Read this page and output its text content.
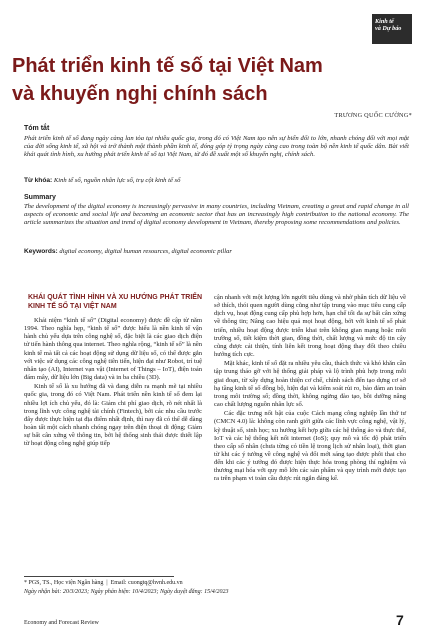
Kinh tế
và Dự báo
Phát triển kinh tế số tại Việt Nam
và khuyến nghị chính sách
TRƯƠNG QUỐC CƯỜNG*
Tóm tắt

Phát triển kinh tế số đang ngày càng lan tỏa tại nhiều quốc gia, trong đó có Việt Nam tạo nên sự biến đổi to lớn, nhanh chóng đối với mọi mặt của đời sống kinh tế, xã hội và trở thành một thành phần kinh tế, đóng góp tỷ trọng ngày càng cao trong toàn bộ nền kinh tế quốc dân. Bài viết khái quát tình hình, xu hướng phát triển kinh tế số tại Việt Nam, từ đó đề xuất một số khuyến nghị, chính sách.

Từ khóa: Kinh tế số, nguồn nhân lực số, trụ cột kinh tế số

Summary

The development of the digital economy is increasingly pervasive in many countries, including Vietnam, creating a great and rapid change in all aspects of economic and social life and becoming an economic sector that has an increasingly high contribution to the national economy. The article summarizes the situation and trend of digital economy development in Vietnam, thereby proposing some recommendations and policies.

Keywords: digital economy, digital human resources, digital economic pillar

KHÁI QUÁT TÌNH HÌNH VÀ XU HƯỚNG PHÁT TRIỂN KINH TẾ SỐ TẠI VIỆT NAM

Khái niệm “kinh tế số” (Digital economy) được đề cập từ năm 1994. Theo nghĩa hẹp, “kinh tế số” được hiểu là nền kinh tế vận hành chủ yếu dựa trên công nghệ số, đặc biệt là các giao dịch điện tử tiến hành thông qua internet. Theo nghĩa rộng, “kinh tế số” là nền kinh tế mà tất cả các hoạt động sử dụng dữ liệu số, có thể được gắn với việc sử dụng các công nghệ tiên tiến, hiện đại như Robot, trí tuệ nhân tạo (AI), Internet vạn vật (Internet of Things – IoT), điện toán đám mây, dữ liệu lớn (Big data) và in ba chiều (3D).

Kinh tế số là xu hướng đã và đang diễn ra mạnh mẽ tại nhiều quốc gia, trong đó có Việt Nam. Phát triển nền kinh tế số đem lại nhiều lợi ích chủ yếu, đó là: Giảm chi phí giao dịch, rõ nét nhất là trong lĩnh vực công nghệ tài chính (Fintech), bởi các nhu cầu trước đây được thực hiện tại địa điểm nhất định, thì nay đã có thể dễ dàng hoàn tất một cách nhanh chóng ngay trên điện thoại di động; Giảm sự bất cân xứng về thông tin, bởi hệ thống sinh thái được thiết lập từ hoạt động công nghệ giúp tiếp

cận nhanh với một lượng lớn người tiêu dùng và nhờ phân tích dữ liệu về sở thích, thói quen người dùng cũng như tập trung vào mục tiêu cung cấp dịch vụ, hoạt động cung cấp phù hợp hơn, hạn chế tối đa sự bất cân xứng về thông tin; Nâng cao hiệu quả mọi hoạt động, bởi với kinh tế số phát triển, nhiều hoạt động được triển khai trên không gian mạng hoặc môi trường số, tiết kiệm thời gian, đồng thời, chất lượng và mức độ tin cậy cũng được cải thiện, tính liên kết trong hoạt động thay đổi theo chiều hướng tích cực.

Mặt khác, kinh tế số đặt ra nhiều yêu cầu, thách thức và khó khăn cần tập trung tháo gỡ với hệ thống giải pháp và lộ trình phù hợp trong mỗi giai đoạn, từ xây dựng hoàn thiện cơ chế, chính sách đến tạo dựng cơ sở hạ tầng kinh tế số đồng bộ, hiện đại và kiểm soát rủi ro, bảo đảm an toàn trong môi trường số; đồng thời, không ngừng đào tạo, bồi dưỡng nâng cao chất lượng nguồn nhân lực số.

Các đặc trưng nổi bật của cuộc Cách mạng công nghiệp lần thứ tư (CMCN 4.0) là: không còn ranh giới giữa các lĩnh vực công nghệ, vật lý, kỹ thuật số, sinh học; xu hướng kết hợp giữa các hệ thống ảo và thực thể, IoT và các hệ thống kết nối internet (IoS); quy mô và tốc độ phát triển theo cấp số nhân (chưa từng có tiền lệ trong lịch sử nhân loại), thời gian từ khi các ý tưởng về công nghệ và đổi mới sáng tạo được phôi thai cho đến khi các ý tưởng đó được hiện thực hóa trong phòng thí nghiệm và thương mại hóa với quy mô lớn các sản phẩm và quy trình mới được tạo ra trên phạm vi toàn cầu được rút ngắn đáng kể.

* PGS, TS., Học viện Ngân hàng  |  Email: cuongtq@hvnh.edu.vn

Ngày nhận bài: 20/3/2023; Ngày phản biện: 10/4/2023; Ngày duyệt đăng: 15/4/2023

Economy and Forecast Review	7
